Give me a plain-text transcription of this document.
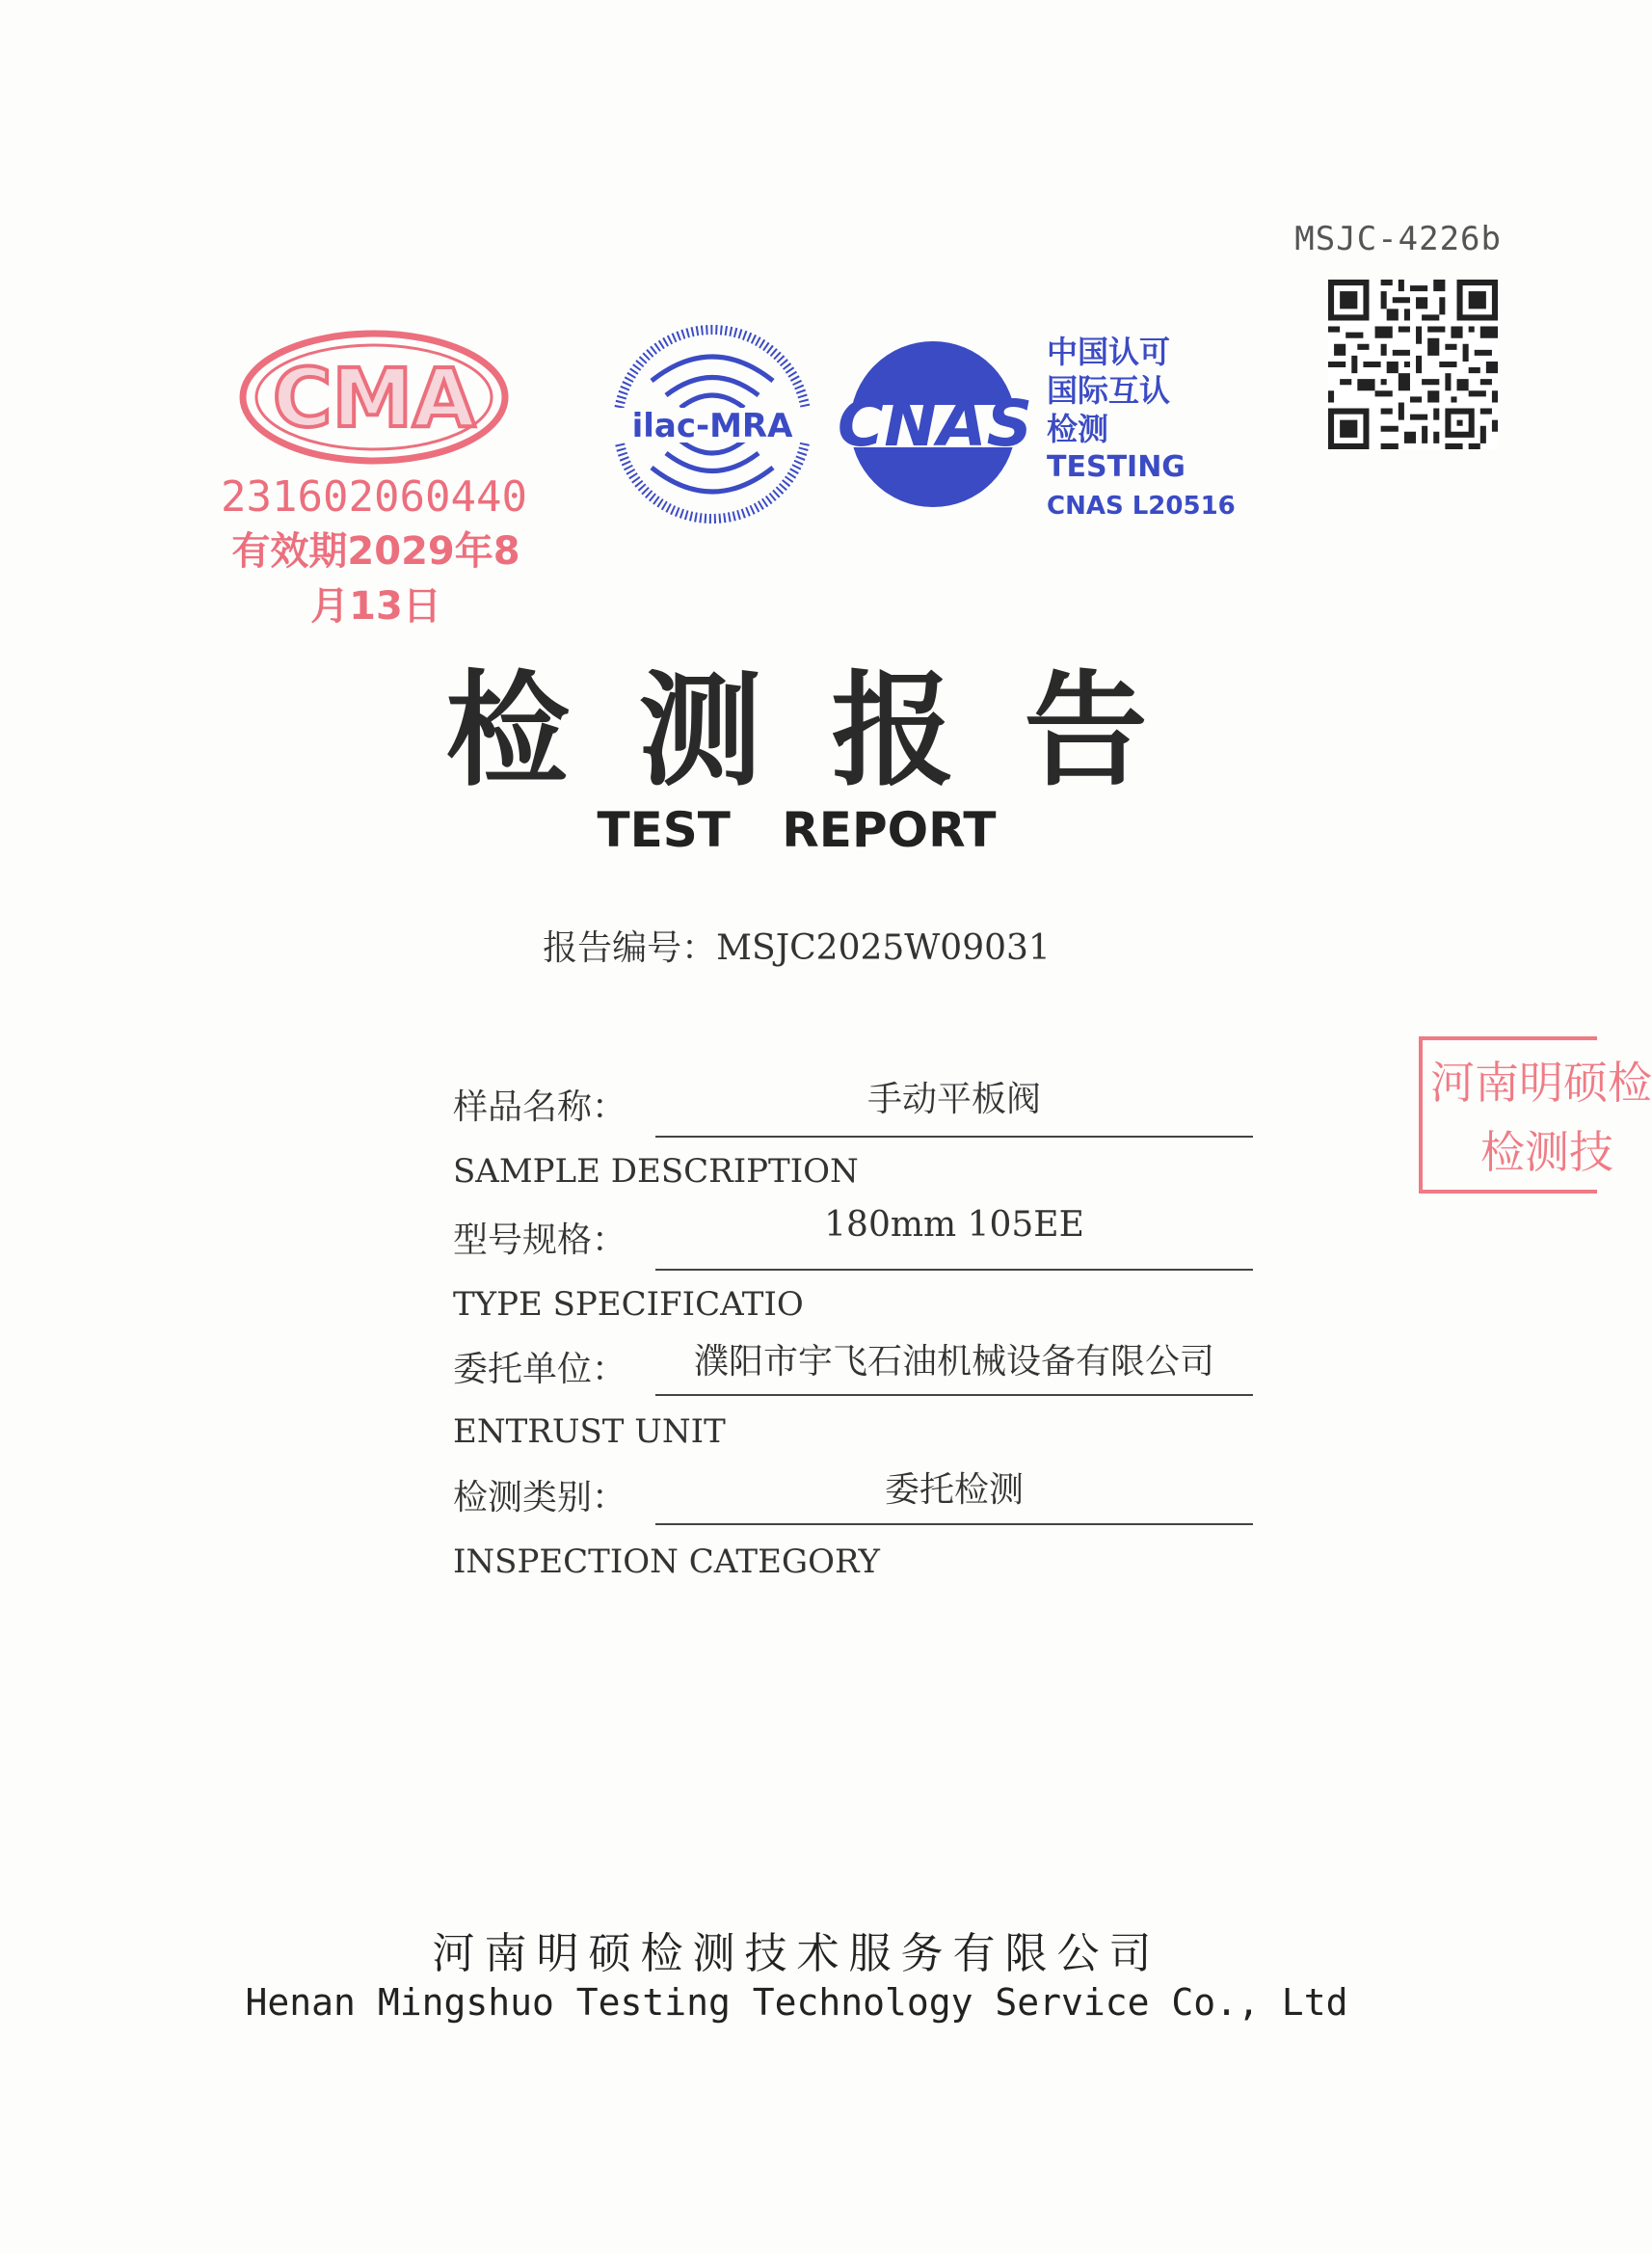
MSJC-4226b
CMA
231602060440
有效期2029年8月13日
ilac-MRA CNAS
中国认可
国际互认
检测
TESTING
CNAS L20516
检测报告
TEST REPORT
报告编号：MSJC2025W09031
河南明硕检
检测技
样品名称：	手动平板阀
SAMPLE DESCRIPTION
型号规格：	180mm 105EE
TYPE SPECIFICATIO
委托单位：	濮阳市宇飞石油机械设备有限公司
ENTRUST UNIT
检测类别：	委托检测
INSPECTION CATEGORY
河南明硕检测技术服务有限公司
Henan Mingshuo Testing Technology Service Co., Ltd
